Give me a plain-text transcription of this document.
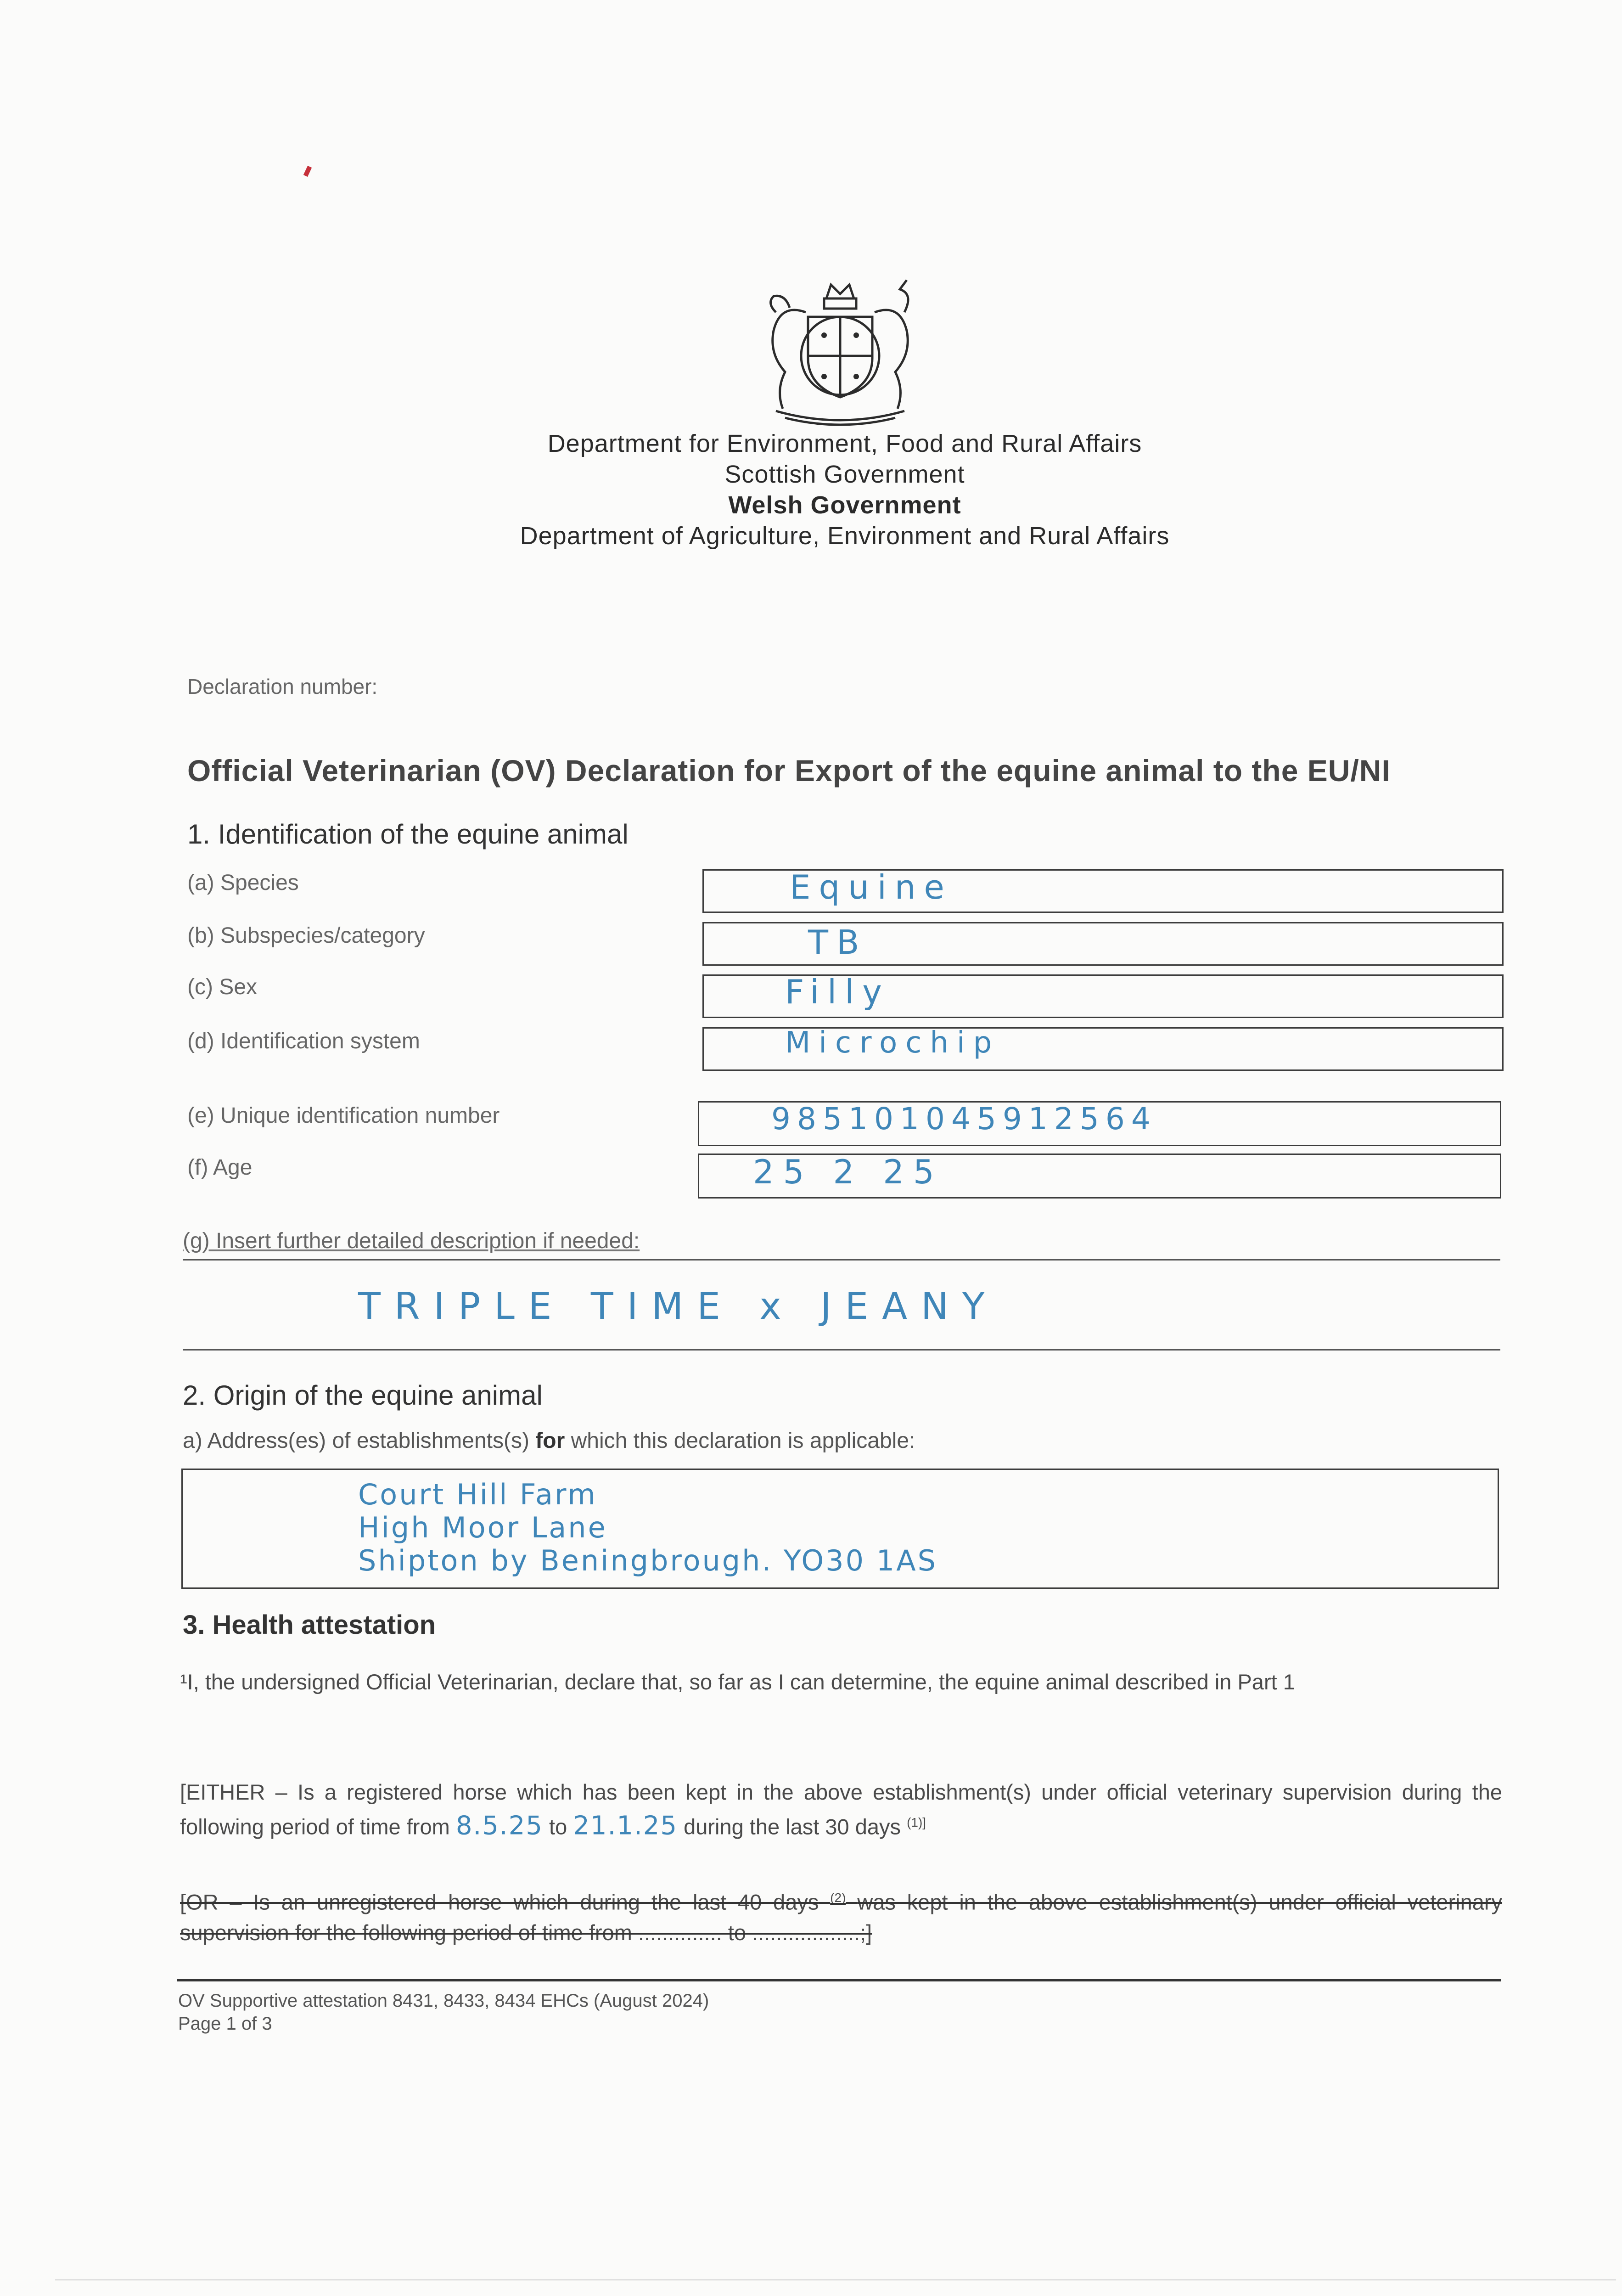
Department for Environment, Food and Rural Affairs
Scottish Government
Welsh Government
Department of Agriculture, Environment and Rural Affairs
Declaration number:
Official Veterinarian (OV) Declaration for Export of the equine animal to the EU/NI
1. Identification of the equine animal
(a) Species	Equine
(b) Subspecies/category	TB
(c) Sex	Filly
(d) Identification system	Microchip
(e) Unique identification number	985101045912564
(f) Age	25 2 25
(g) Insert further detailed description if needed:
TRIPLE TIME x JEANY
2. Origin of the equine animal
a) Address(es) of establishments(s) for which this declaration is applicable:
Court Hill Farm
High Moor Lane
Shipton by Beningbrough. YO30 1AS
3. Health attestation
¹I, the undersigned Official Veterinarian, declare that, so far as I can determine, the equine animal described in Part 1
[EITHER – Is a registered horse which has been kept in the above establishment(s) under official veterinary supervision during the following period of time from 8.5.25 to 21.1.25 during the last 30 days $^{(1)]}$
[OR – Is an unregistered horse which during the last 40 days $^{(2)}$ was kept in the above establishment(s) under official veterinary supervision for the following period of time from .............. to ..................;]
OV Supportive attestation 8431, 8433, 8434 EHCs (August 2024)
Page 1 of 3
